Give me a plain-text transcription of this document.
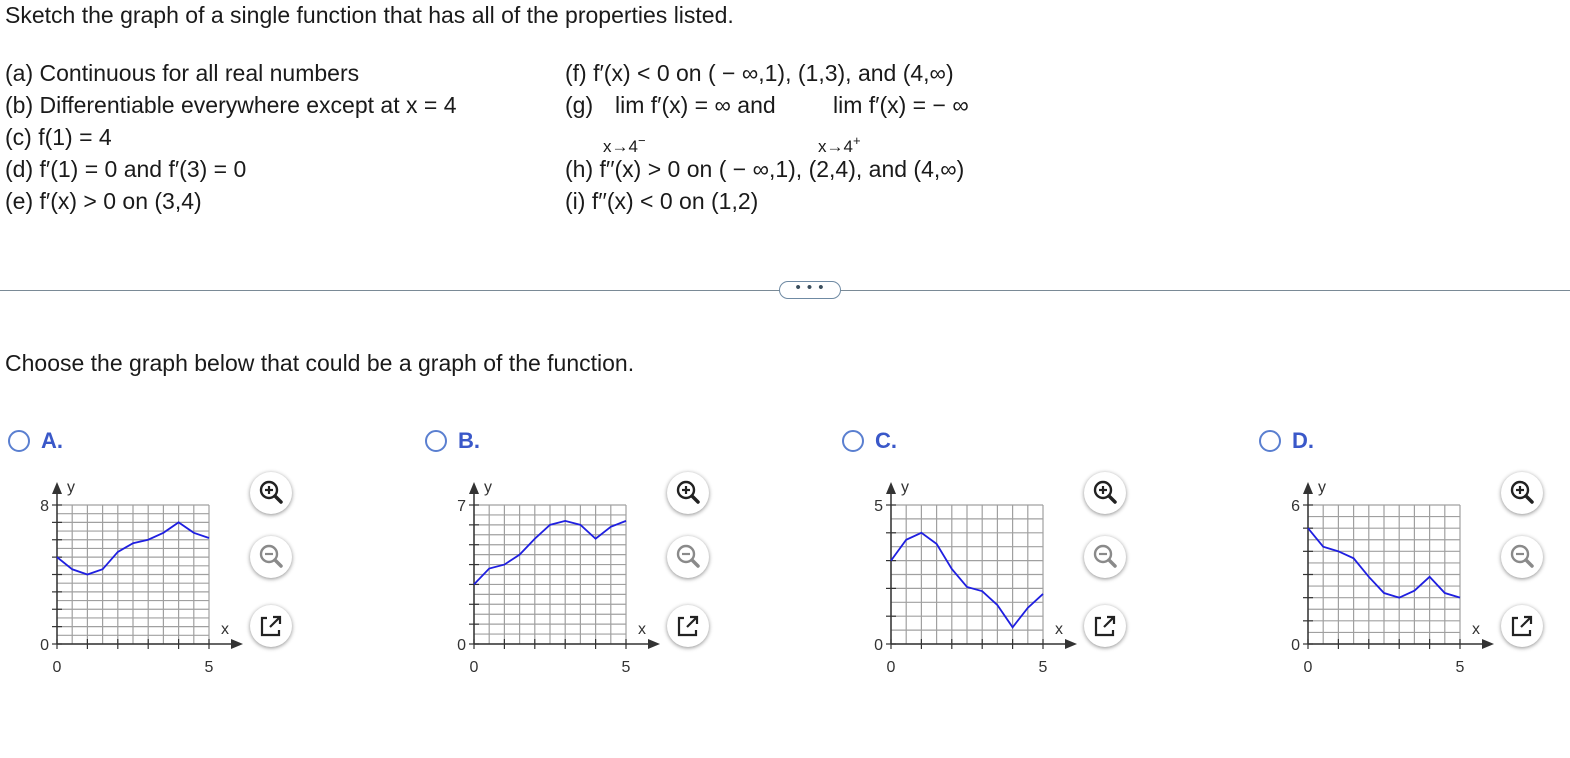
Sketch the graph of a single function that has all of the properties listed.
(a) Continuous for all real numbers
(b) Differentiable everywhere except at x = 4
(c) f(1) = 4
(d) f′(1) = 0 and f′(3) = 0
(e) f′(x) > 0 on (3,4)
(f) f′(x) < 0 on ( − ∞,1), (1,3), and (4,∞)
(g) lim f′(x) = ∞ and lim f′(x) = − ∞
x→4−	x→4+
(h) f′′(x) > 0 on ( − ∞,1), (2,4), and (4,∞)
(i) f′′(x) < 0 on (1,2)
• • •
Choose the graph below that could be a graph of the function.
A.
8
0
0	5
y
x
B.
7
0
0	5
y
x
C.
5
0
0	5
y
x
D.
6
0
0	5
y
x
